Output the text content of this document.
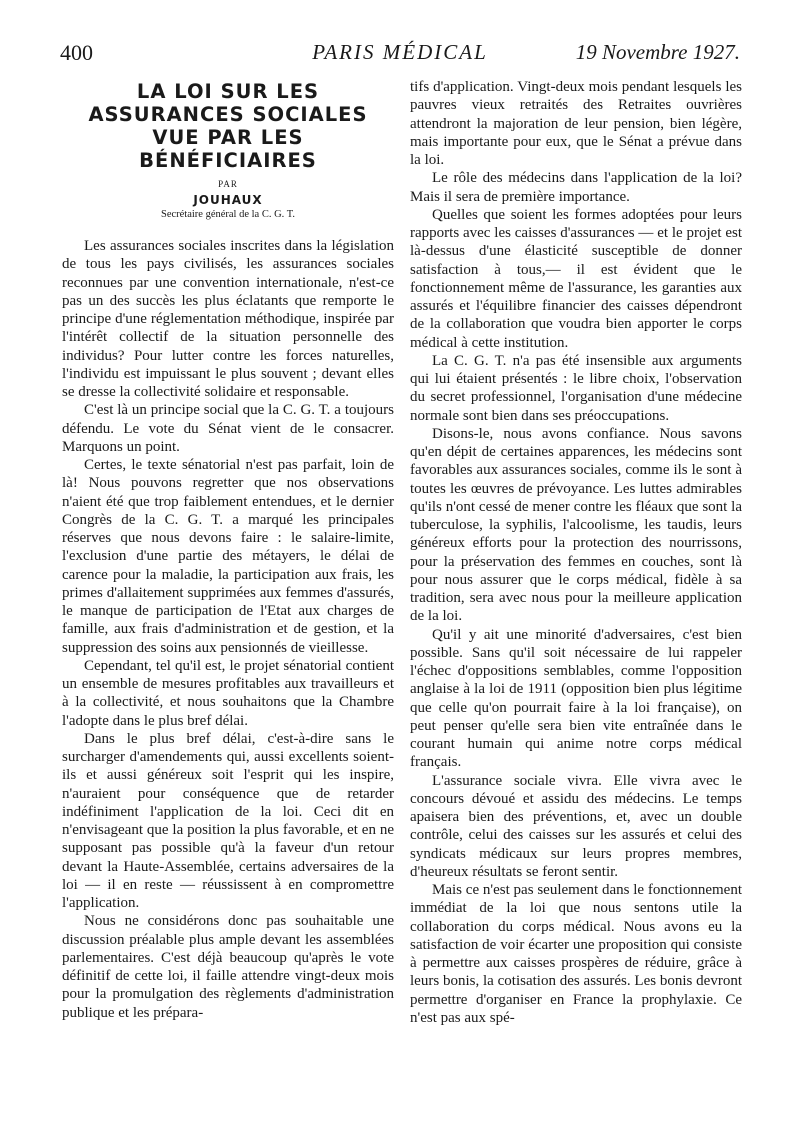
400	PARIS MÉDICAL	19 Novembre 1927.
LA LOI SUR LES
ASSURANCES SOCIALES
VUE PAR LES
BÉNÉFICIAIRES
PAR
JOUHAUX
Secrétaire général de la C. G. T.

Les assurances sociales inscrites dans la législation de tous les pays civilisés, les assurances sociales reconnues par une convention internationale, n'est-ce pas un des succès les plus éclatants que remporte le principe d'une réglementation méthodique, inspirée par l'intérêt collectif de la situation personnelle des individus? Pour lutter contre les forces naturelles, l'individu est impuissant le plus souvent ; devant elles se dresse la collectivité solidaire et responsable.

C'est là un principe social que la C. G. T. a toujours défendu. Le vote du Sénat vient de le consacrer. Marquons un point.

Certes, le texte sénatorial n'est pas parfait, loin de là! Nous pouvons regretter que nos observations n'aient été que trop faiblement entendues, et le dernier Congrès de la C. G. T. a marqué les principales réserves que nous devons faire : le salaire-limite, l'exclusion d'une partie des métayers, le délai de carence pour la maladie, la participation aux frais, les primes d'allaitement supprimées aux femmes d'assurés, le manque de participation de l'Etat aux charges de famille, aux frais d'administration et de gestion, et la suppression des soins aux pensionnés de vieillesse.

Cependant, tel qu'il est, le projet sénatorial contient un ensemble de mesures profitables aux travailleurs et à la collectivité, et nous souhaitons que la Chambre l'adopte dans le plus bref délai.

Dans le plus bref délai, c'est-à-dire sans le surcharger d'amendements qui, aussi excellents soient-ils et aussi généreux soit l'esprit qui les inspire, n'auraient pour conséquence que de retarder indéfiniment l'application de la loi. Ceci dit en n'envisageant que la position la plus favorable, et en ne supposant pas possible qu'à la faveur d'un retour devant la Haute-Assemblée, certains adversaires de la loi — il en reste — réussissent à en compromettre l'application.

Nous ne considérons donc pas souhaitable une discussion préalable plus ample devant les assemblées parlementaires. C'est déjà beaucoup qu'après le vote définitif de cette loi, il faille attendre vingt-deux mois pour la promulgation des règlements d'administration publique et les prépara-

tifs d'application. Vingt-deux mois pendant lesquels les pauvres vieux retraités des Retraites ouvrières attendront la majoration de leur pension, bien légère, mais importante pour eux, que le Sénat a prévue dans la loi.

Le rôle des médecins dans l'application de la loi? Mais il sera de première importance.

Quelles que soient les formes adoptées pour leurs rapports avec les caisses d'assurances — et le projet est là-dessus d'une élasticité susceptible de donner satisfaction à tous,— il est évident que le fonctionnement même de l'assurance, les garanties aux assurés et l'équilibre financier des caisses dépendront de la collaboration que voudra bien apporter le corps médical à cette institution.

La C. G. T. n'a pas été insensible aux arguments qui lui étaient présentés : le libre choix, l'observation du secret professionnel, l'organisation d'une médecine normale sont bien dans ses préoccupations.

Disons-le, nous avons confiance. Nous savons qu'en dépit de certaines apparences, les médecins sont favorables aux assurances sociales, comme ils le sont à toutes les œuvres de prévoyance. Les luttes admirables qu'ils n'ont cessé de mener contre les fléaux que sont la tuberculose, la syphilis, l'alcoolisme, les taudis, leurs généreux efforts pour la protection des nourrissons, pour la préservation des femmes en couches, sont là pour nous assurer que le corps médical, fidèle à sa tradition, sera avec nous pour la meilleure application de la loi.

Qu'il y ait une minorité d'adversaires, c'est bien possible. Sans qu'il soit nécessaire de lui rappeler l'échec d'oppositions semblables, comme l'opposition anglaise à la loi de 1911 (opposition bien plus légitime que celle qu'on pourrait faire à la loi française), on peut penser qu'elle sera bien vite entraînée dans le courant humain qui anime notre corps médical français.

L'assurance sociale vivra. Elle vivra avec le concours dévoué et assidu des médecins. Le temps apaisera bien des préventions, et, avec un double contrôle, celui des caisses sur les assurés et celui des syndicats médicaux sur leurs propres membres, d'heureux résultats se feront sentir.

Mais ce n'est pas seulement dans le fonctionnement immédiat de la loi que nous sentons utile la collaboration du corps médical. Nous avons eu la satisfaction de voir écarter une proposition qui consiste à permettre aux caisses prospères de réduire, grâce à leurs bonis, la cotisation des assurés. Les bonis devront permettre d'organiser en France la prophylaxie. Ce n'est pas aux spé-
